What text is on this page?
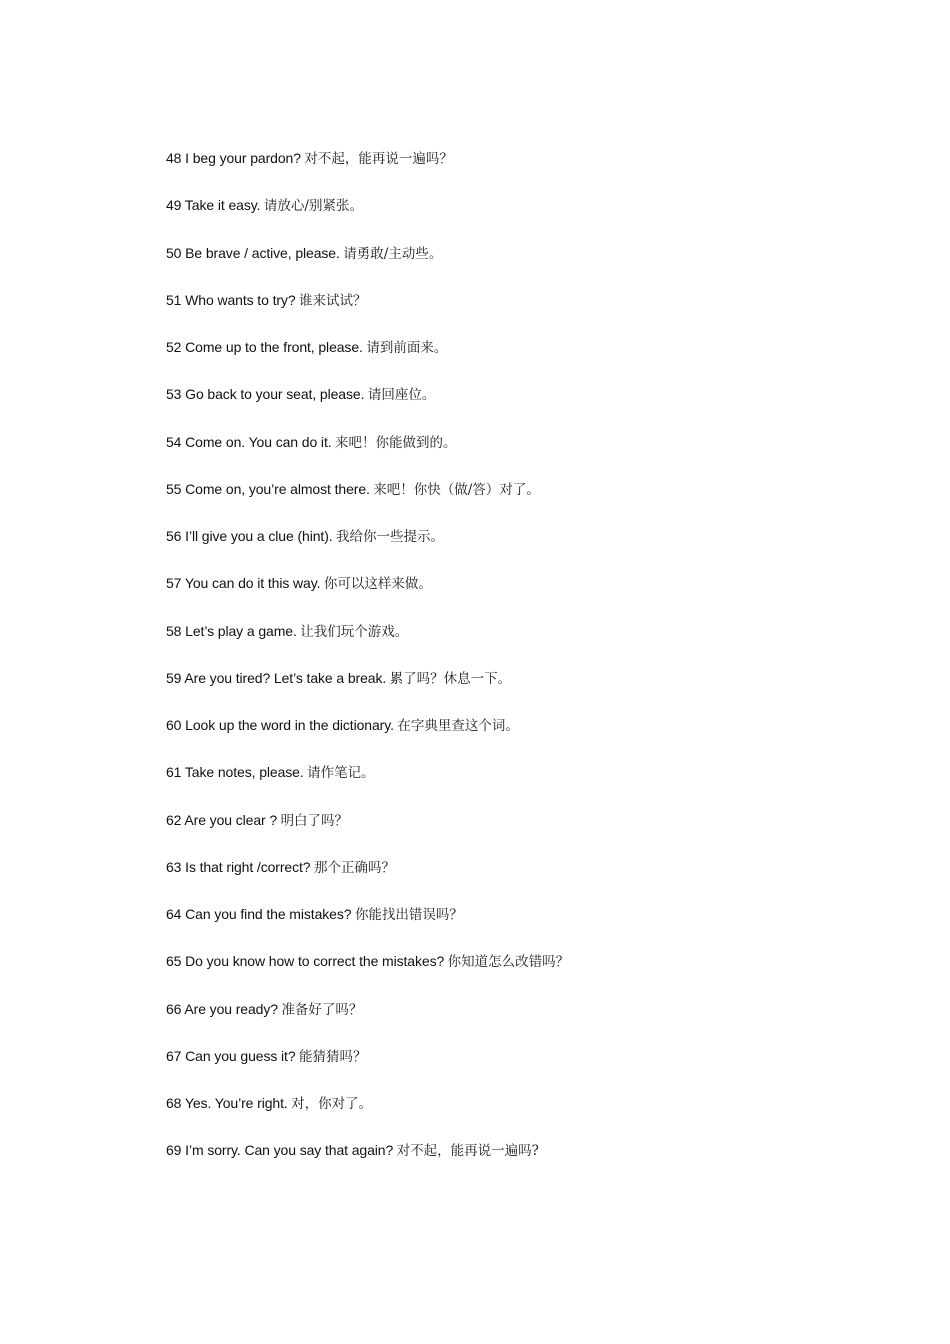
48 I beg your pardon? 对不起，能再说一遍吗？
49 Take it easy. 请放心/别紧张。
50 Be brave / active, please. 请勇敢/主动些。
51 Who wants to try? 谁来试试？
52 Come up to the front, please. 请到前面来。
53 Go back to your seat, please. 请回座位。
54 Come on. You can do it. 来吧！你能做到的。
55 Come on, you’re almost there. 来吧！你快（做/答）对了。
56 I’ll give you a clue (hint). 我给你一些提示。
57 You can do it this way. 你可以这样来做。
58 Let’s play a game. 让我们玩个游戏。
59 Are you tired? Let’s take a break. 累了吗？休息一下。
60 Look up the word in the dictionary. 在字典里查这个词。
61 Take notes, please. 请作笔记。
62 Are you clear ? 明白了吗？
63 Is that right /correct? 那个正确吗？
64 Can you find the mistakes? 你能找出错误吗？
65 Do you know how to correct the mistakes? 你知道怎么改错吗？
66 Are you ready? 准备好了吗？
67 Can you guess it? 能猜猜吗？
68 Yes. You’re right. 对，你对了。
69 I’m sorry. Can you say that again? 对不起，能再说一遍吗?
